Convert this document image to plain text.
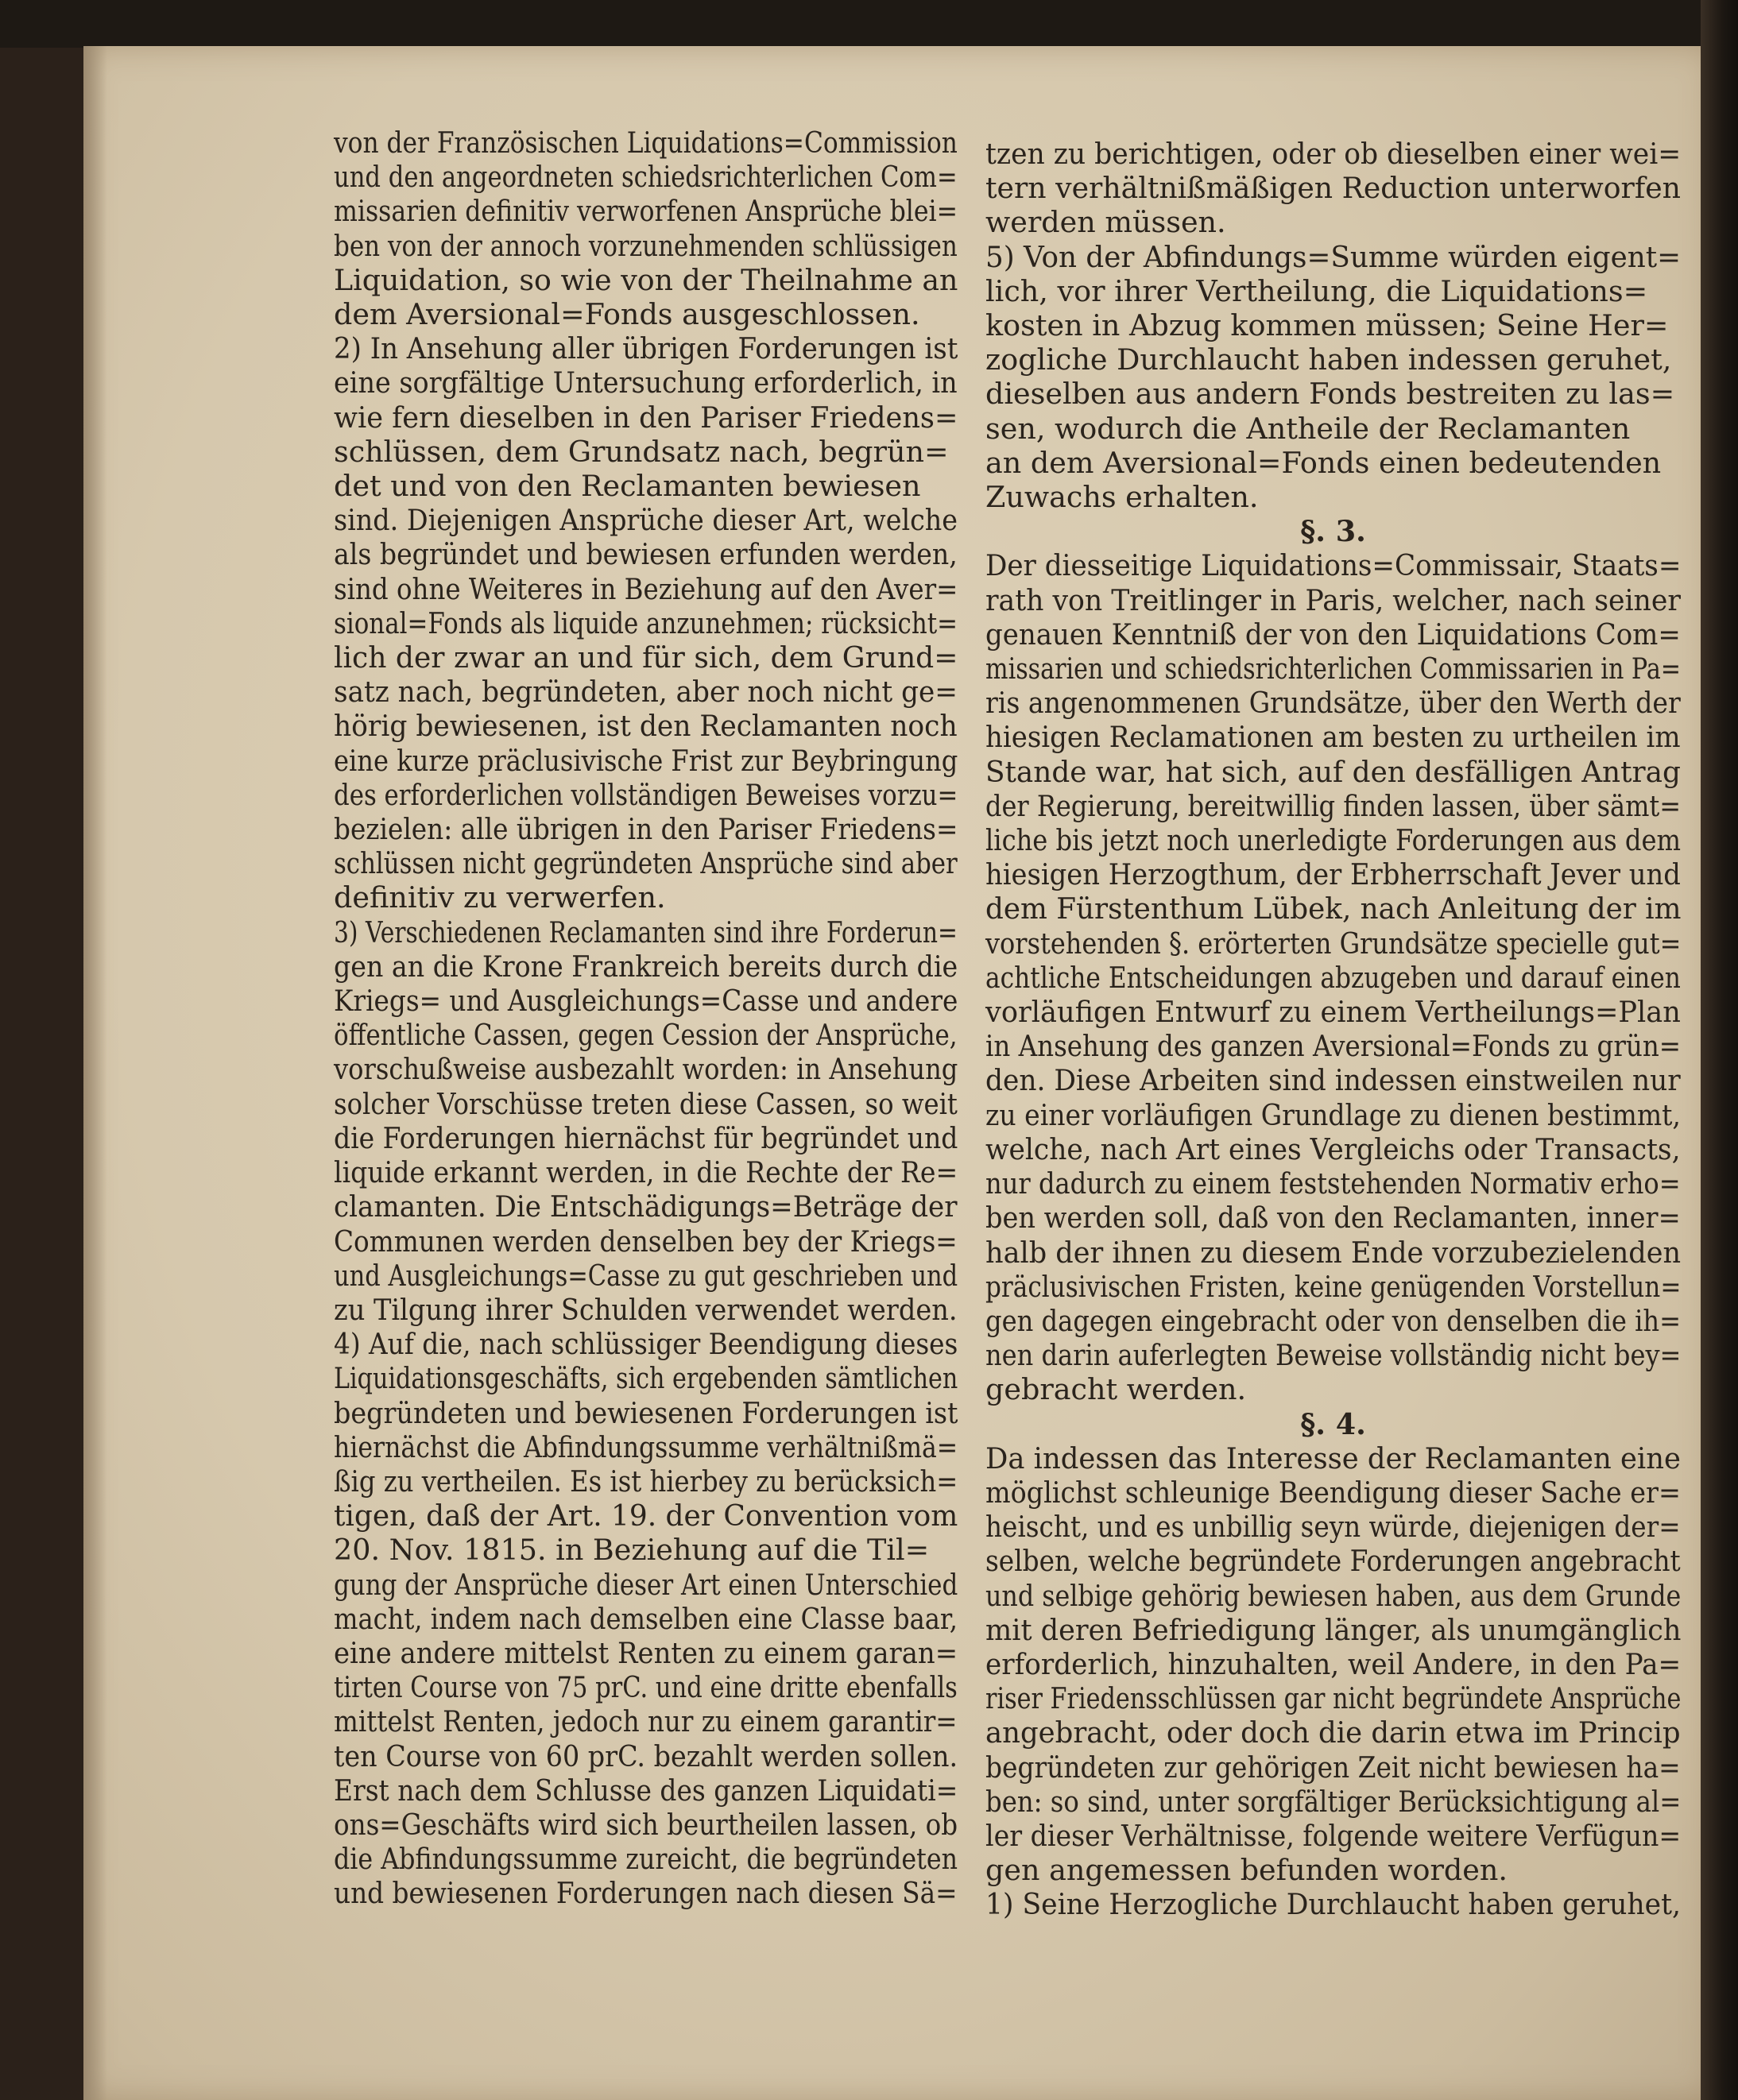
von der Französischen Liquidations=Commission
und den angeordneten schiedsrichterlichen Com=
missarien definitiv verworfenen Ansprüche blei=
ben von der annoch vorzunehmenden schlüssigen
Liquidation, so wie von der Theilnahme an
dem Aversional=Fonds ausgeschlossen.
2) In Ansehung aller übrigen Forderungen ist
eine sorgfältige Untersuchung erforderlich, in
wie fern dieselben in den Pariser Friedens=
schlüssen, dem Grundsatz nach, begrün=
det und von den Reclamanten bewiesen
sind. Diejenigen Ansprüche dieser Art, welche
als begründet und bewiesen erfunden werden,
sind ohne Weiteres in Beziehung auf den Aver=
sional=Fonds als liquide anzunehmen; rücksicht=
lich der zwar an und für sich, dem Grund=
satz nach, begründeten, aber noch nicht ge=
hörig bewiesenen, ist den Reclamanten noch
eine kurze präclusivische Frist zur Beybringung
des erforderlichen vollständigen Beweises vorzu=
bezielen: alle übrigen in den Pariser Friedens=
schlüssen nicht gegründeten Ansprüche sind aber
definitiv zu verwerfen.
3) Verschiedenen Reclamanten sind ihre Forderun=
gen an die Krone Frankreich bereits durch die
Kriegs= und Ausgleichungs=Casse und andere
öffentliche Cassen, gegen Cession der Ansprüche,
vorschußweise ausbezahlt worden: in Ansehung
solcher Vorschüsse treten diese Cassen, so weit
die Forderungen hiernächst für begründet und
liquide erkannt werden, in die Rechte der Re=
clamanten. Die Entschädigungs=Beträge der
Communen werden denselben bey der Kriegs=
und Ausgleichungs=Casse zu gut geschrieben und
zu Tilgung ihrer Schulden verwendet werden.
4) Auf die, nach schlüssiger Beendigung dieses
Liquidationsgeschäfts, sich ergebenden sämtlichen
begründeten und bewiesenen Forderungen ist
hiernächst die Abfindungssumme verhältnißmä=
ßig zu vertheilen. Es ist hierbey zu berücksich=
tigen, daß der Art. 19. der Convention vom
20. Nov. 1815. in Beziehung auf die Til=
gung der Ansprüche dieser Art einen Unterschied
macht, indem nach demselben eine Classe baar,
eine andere mittelst Renten zu einem garan=
tirten Course von 75 prC. und eine dritte ebenfalls
mittelst Renten, jedoch nur zu einem garantir=
ten Course von 60 prC. bezahlt werden sollen.
Erst nach dem Schlusse des ganzen Liquidati=
ons=Geschäfts wird sich beurtheilen lassen, ob
die Abfindungssumme zureicht, die begründeten
und bewiesenen Forderungen nach diesen Sä=
tzen zu berichtigen, oder ob dieselben einer wei=
tern verhältnißmäßigen Reduction unterworfen
werden müssen.
5) Von der Abfindungs=Summe würden eigent=
lich, vor ihrer Vertheilung, die Liquidations=
kosten in Abzug kommen müssen; Seine Her=
zogliche Durchlaucht haben indessen geruhet,
dieselben aus andern Fonds bestreiten zu las=
sen, wodurch die Antheile der Reclamanten
an dem Aversional=Fonds einen bedeutenden
Zuwachs erhalten.
§. 3.
Der diesseitige Liquidations=Commissair, Staats=
rath von Treitlinger in Paris, welcher, nach seiner
genauen Kenntniß der von den Liquidations Com=
missarien und schiedsrichterlichen Commissarien in Pa=
ris angenommenen Grundsätze, über den Werth der
hiesigen Reclamationen am besten zu urtheilen im
Stande war, hat sich, auf den desfälligen Antrag
der Regierung, bereitwillig finden lassen, über sämt=
liche bis jetzt noch unerledigte Forderungen aus dem
hiesigen Herzogthum, der Erbherrschaft Jever und
dem Fürstenthum Lübek, nach Anleitung der im
vorstehenden §. erörterten Grundsätze specielle gut=
achtliche Entscheidungen abzugeben und darauf einen
vorläufigen Entwurf zu einem Vertheilungs=Plan
in Ansehung des ganzen Aversional=Fonds zu grün=
den. Diese Arbeiten sind indessen einstweilen nur
zu einer vorläufigen Grundlage zu dienen bestimmt,
welche, nach Art eines Vergleichs oder Transacts,
nur dadurch zu einem feststehenden Normativ erho=
ben werden soll, daß von den Reclamanten, inner=
halb der ihnen zu diesem Ende vorzubezielenden
präclusivischen Fristen, keine genügenden Vorstellun=
gen dagegen eingebracht oder von denselben die ih=
nen darin auferlegten Beweise vollständig nicht bey=
gebracht werden.
§. 4.
Da indessen das Interesse der Reclamanten eine
möglichst schleunige Beendigung dieser Sache er=
heischt, und es unbillig seyn würde, diejenigen der=
selben, welche begründete Forderungen angebracht
und selbige gehörig bewiesen haben, aus dem Grunde
mit deren Befriedigung länger, als unumgänglich
erforderlich, hinzuhalten, weil Andere, in den Pa=
riser Friedensschlüssen gar nicht begründete Ansprüche
angebracht, oder doch die darin etwa im Princip
begründeten zur gehörigen Zeit nicht bewiesen ha=
ben: so sind, unter sorgfältiger Berücksichtigung al=
ler dieser Verhältnisse, folgende weitere Verfügun=
gen angemessen befunden worden.
1) Seine Herzogliche Durchlaucht haben geruhet,
